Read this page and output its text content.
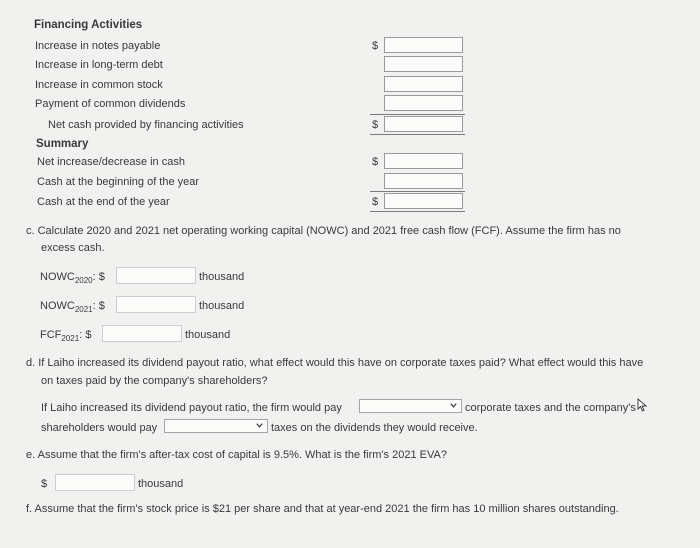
Financing Activities
Increase in notes payable	$
Increase in long-term debt
Increase in common stock
Payment of common dividends
Net cash provided by financing activities	$
Summary
Net increase/decrease in cash	$
Cash at the beginning of the year
Cash at the end of the year	$
c. Calculate 2020 and 2021 net operating working capital (NOWC) and 2021 free cash flow (FCF). Assume the firm has no
excess cash.
$NOWC_{2020}$: $	thousand
$NOWC_{2021}$: $	thousand
$FCF_{2021}$: $	thousand
d. If Laiho increased its dividend payout ratio, what effect would this have on corporate taxes paid? What effect would this have
on taxes paid by the company's shareholders?
If Laiho increased its dividend payout ratio, the firm would pay	corporate taxes and the company's
shareholders would pay	taxes on the dividends they would receive.
e. Assume that the firm's after-tax cost of capital is 9.5%. What is the firm's 2021 EVA?
$	thousand
f. Assume that the firm's stock price is $21 per share and that at year-end 2021 the firm has 10 million shares outstanding.
